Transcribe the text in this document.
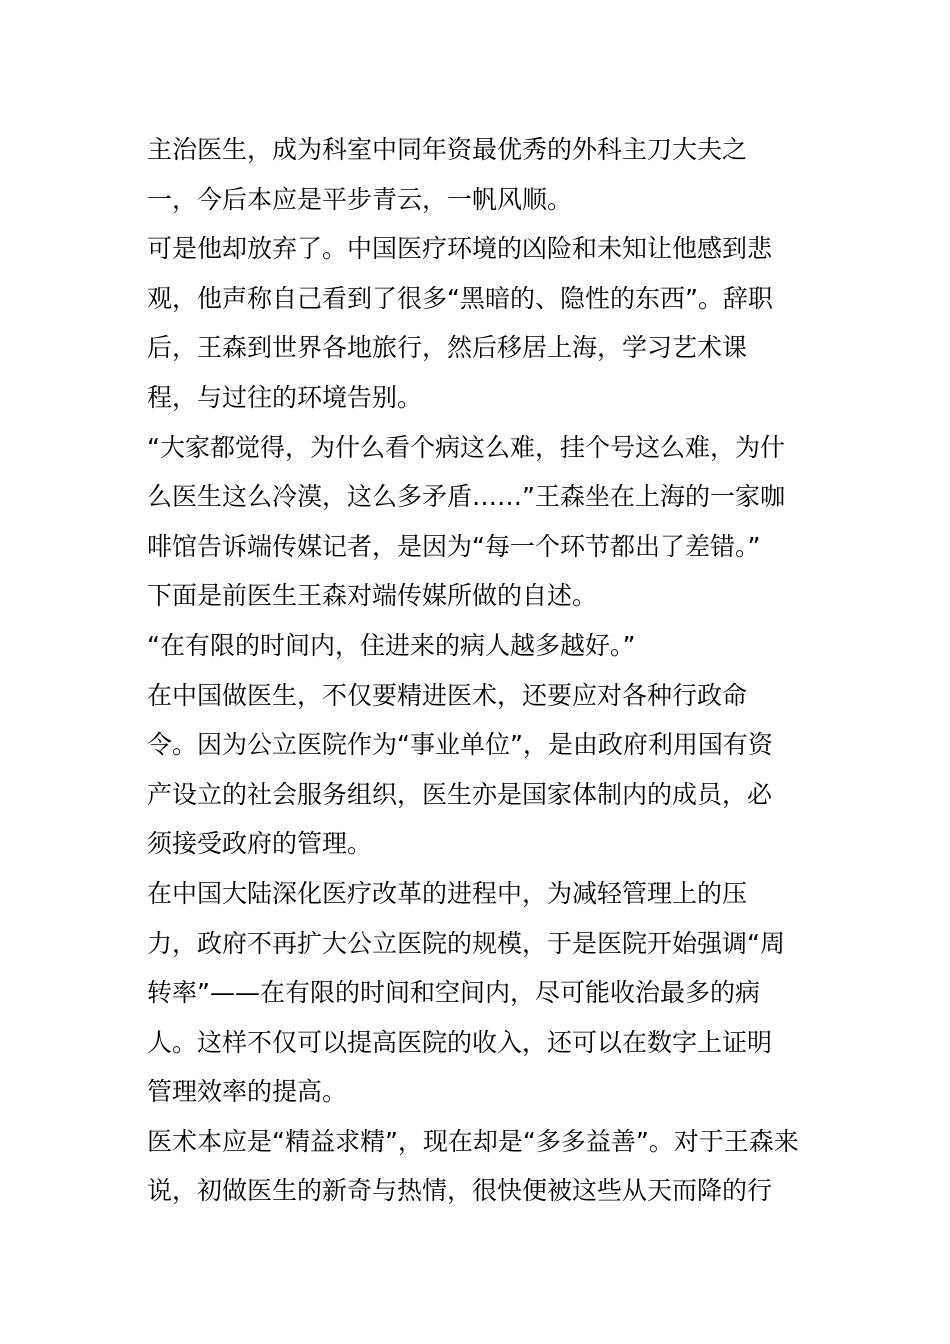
主治医生，成为科室中同年资最优秀的外科主刀大夫之
一，今后本应是平步青云，一帆风顺。
可是他却放弃了。中国医疗环境的凶险和未知让他感到悲
观，他声称自己看到了很多“黑暗的、隐性的东西”。辞职
后，王森到世界各地旅行，然后移居上海，学习艺术课
程，与过往的环境告别。
“大家都觉得，为什么看个病这么难，挂个号这么难，为什
么医生这么冷漠，这么多矛盾……”王森坐在上海的一家咖
啡馆告诉端传媒记者，是因为“每一个环节都出了差错。”
下面是前医生王森对端传媒所做的自述。
“在有限的时间内，住进来的病人越多越好。”
在中国做医生，不仅要精进医术，还要应对各种行政命
令。因为公立医院作为“事业单位”，是由政府利用国有资
产设立的社会服务组织，医生亦是国家体制内的成员，必
须接受政府的管理。
在中国大陆深化医疗改革的进程中，为减轻管理上的压
力，政府不再扩大公立医院的规模，于是医院开始强调“周
转率”——在有限的时间和空间内，尽可能收治最多的病
人。这样不仅可以提高医院的收入，还可以在数字上证明
管理效率的提高。
医术本应是“精益求精”，现在却是“多多益善”。对于王森来
说，初做医生的新奇与热情，很快便被这些从天而降的行
